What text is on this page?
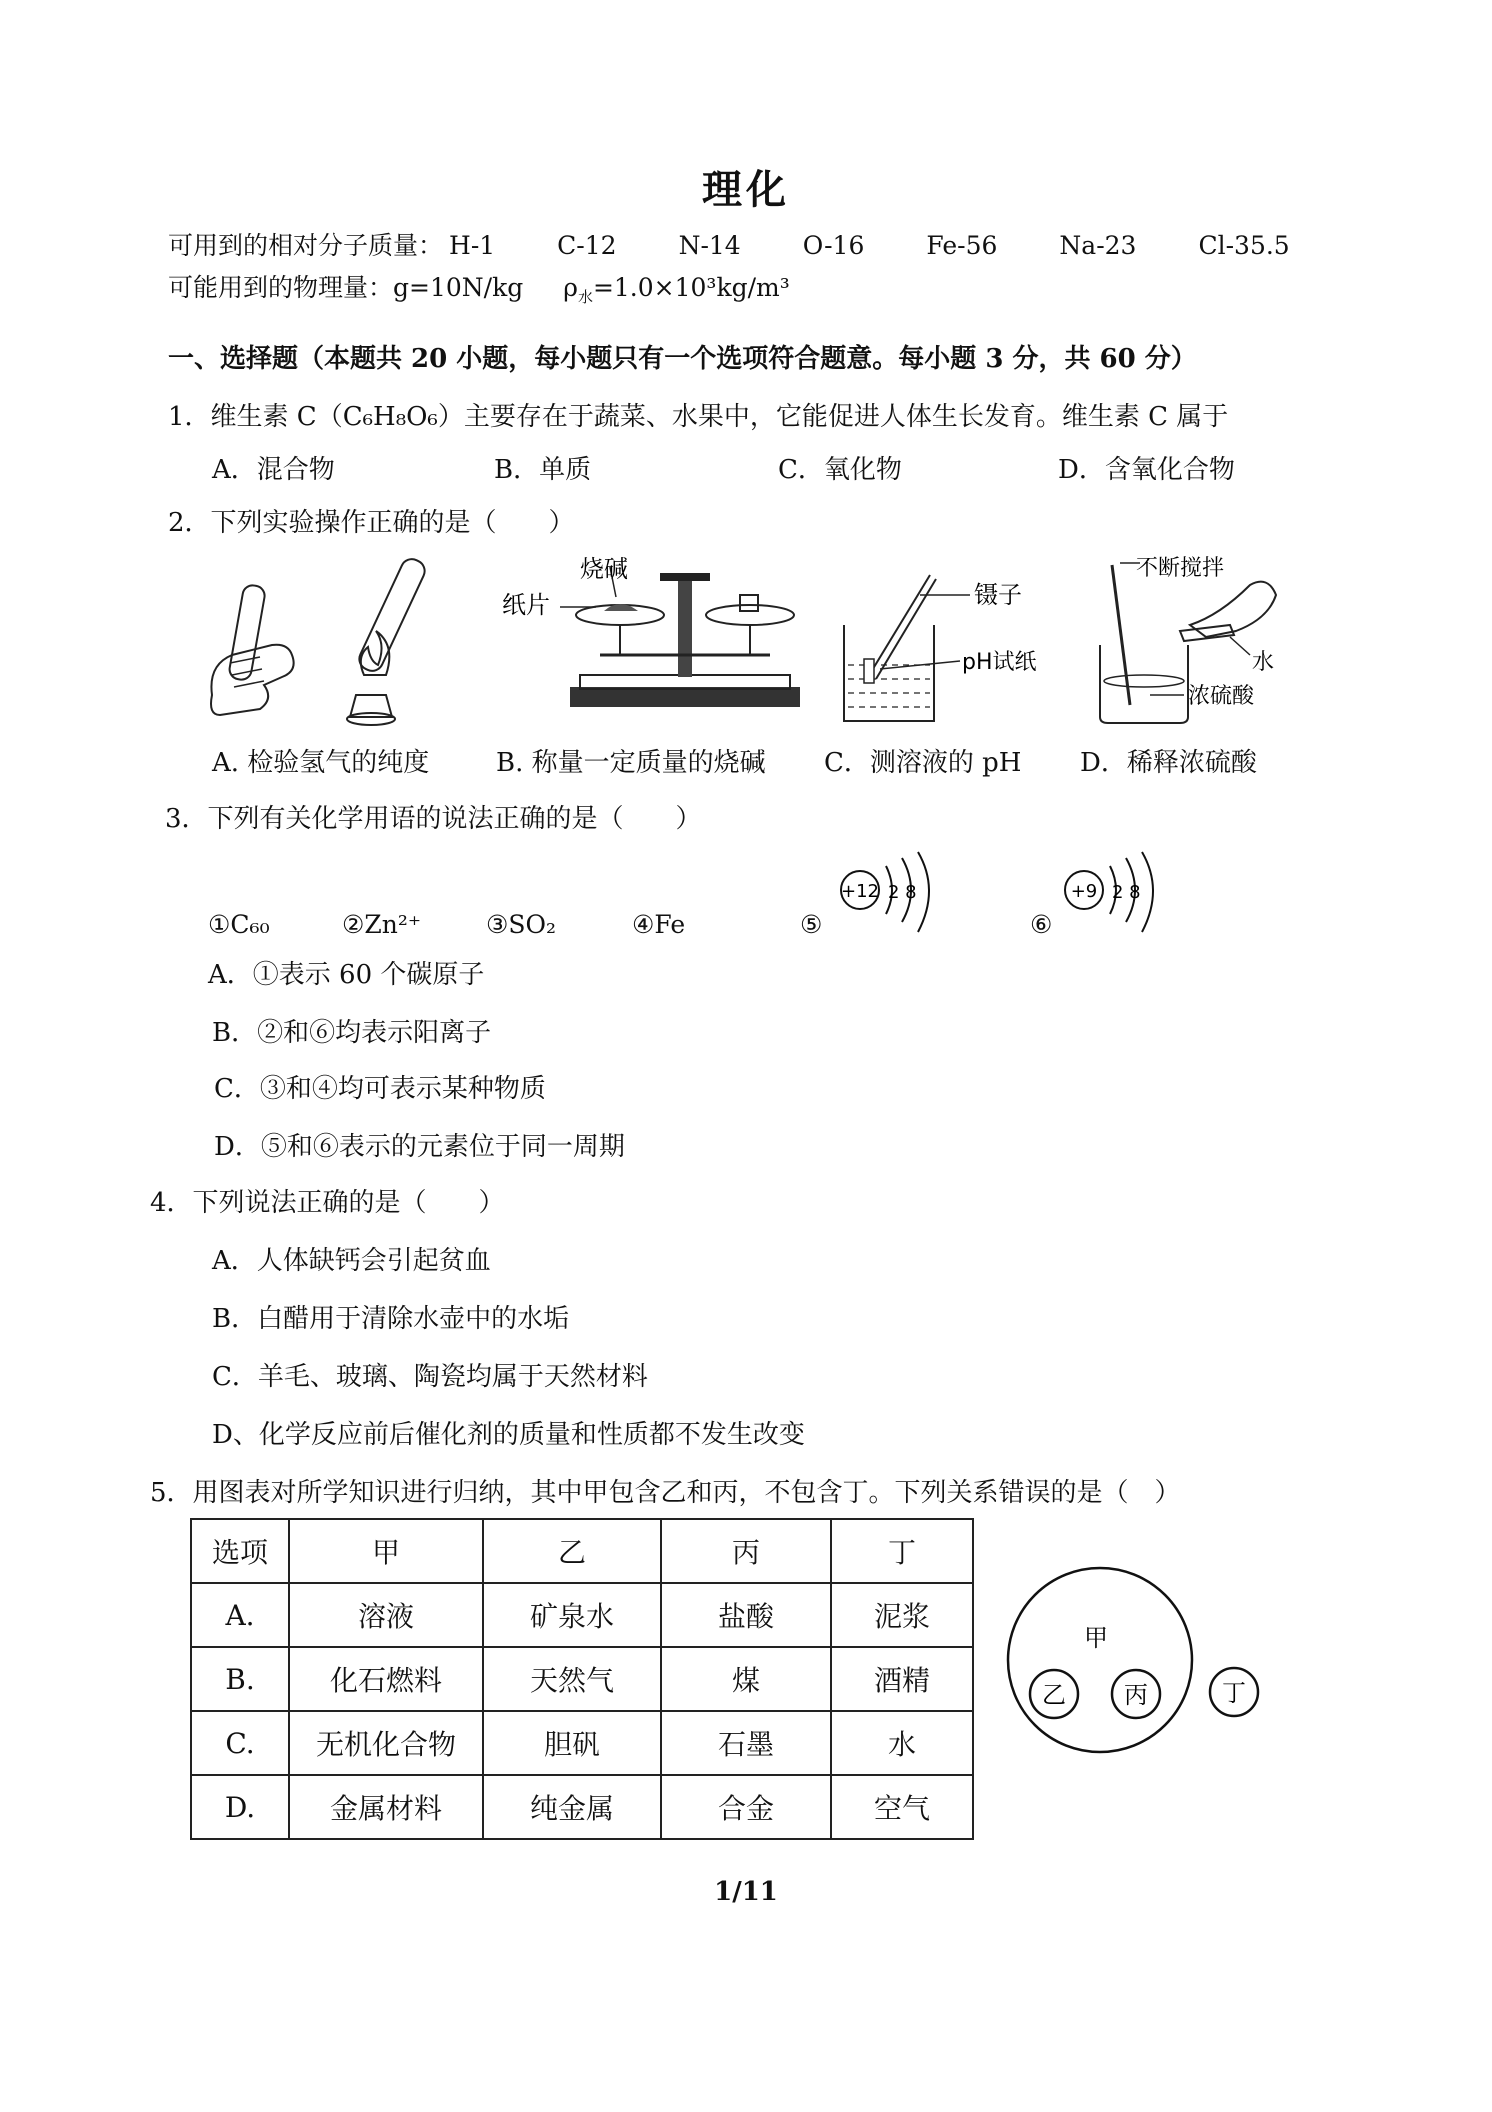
理化
可用到的相对分子质量： H-1 C-12 N-14 O-16 Fe-56 Na-23 Cl-35.5
可能用到的物理量：g=10N/kg $\rho_水=1.0\times 10^3kg/m^3$
一、选择题（本题共 20 小题，每小题只有一个选项符合题意。每小题 3 分，共 60 分）
1．维生素 C（C₆H₈O₆）主要存在于蔬菜、水果中，它能促进人体生长发育。维生素 C 属于
A．混合物	B．单质	C．氧化物	D．含氧化合物
2．下列实验操作正确的是（　　）
烧碱
纸片	镊子
pH试纸
不断搅拌
水
浓硫酸
A. 检验氢气的纯度	B. 称量一定质量的烧碱 C．测溶液的 pH D．稀释浓硫酸
3．下列有关化学用语的说法正确的是（　　）
①C₆₀	②Zn²⁺	③SO₂	④Fe	⑤	⑥
+12 2 8	+9 2 8
A．①表示 60 个碳原子
B．②和⑥均表示阳离子
C．③和④均可表示某种物质
D．⑤和⑥表示的元素位于同一周期
4．下列说法正确的是（　　）
A．人体缺钙会引起贫血
B．白醋用于清除水壶中的水垢
C．羊毛、玻璃、陶瓷均属于天然材料
D、化学反应前后催化剂的质量和性质都不发生改变
5．用图表对所学知识进行归纳，其中甲包含乙和丙，不包含丁。下列关系错误的是（　）
选项	甲	乙	丙	丁
A.	溶液	矿泉水	盐酸	泥浆
B.	化石燃料	天然气	煤	酒精
C.	无机化合物	胆矾	石墨	水
D.	金属材料	纯金属	合金	空气
甲
乙 丙	丁
1/11
